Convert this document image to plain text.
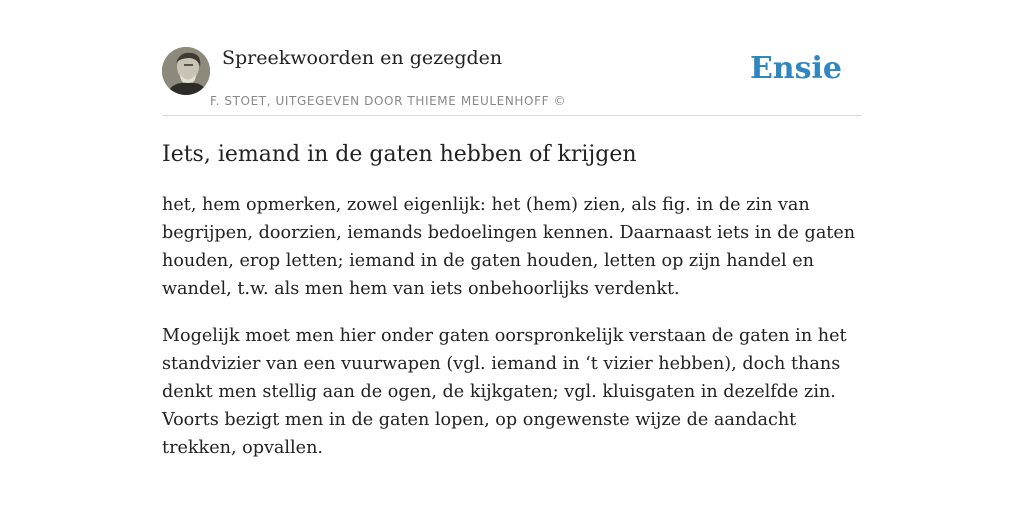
Spreekwoorden en gezegden
F. STOET, UITGEGEVEN DOOR THIEME MEULENHOFF ©
Ensie
Iets, iemand in de gaten hebben of krijgen

het, hem opmerken, zowel eigenlijk: het (hem) zien, als fig. in de zin van begrijpen, doorzien, iemands bedoelingen kennen. Daarnaast iets in de gaten houden, erop letten; iemand in de gaten houden, letten op zijn handel en wandel, t.w. als men hem van iets onbehoorlijks verdenkt.

Mogelijk moet men hier onder gaten oorspronkelijk verstaan de gaten in het standvizier van een vuurwapen (vgl. iemand in ‘t vizier hebben), doch thans denkt men stellig aan de ogen, de kijkgaten; vgl. kluisgaten in dezelfde zin. Voorts bezigt men in de gaten lopen, op ongewenste wijze de aandacht trekken, opvallen.
